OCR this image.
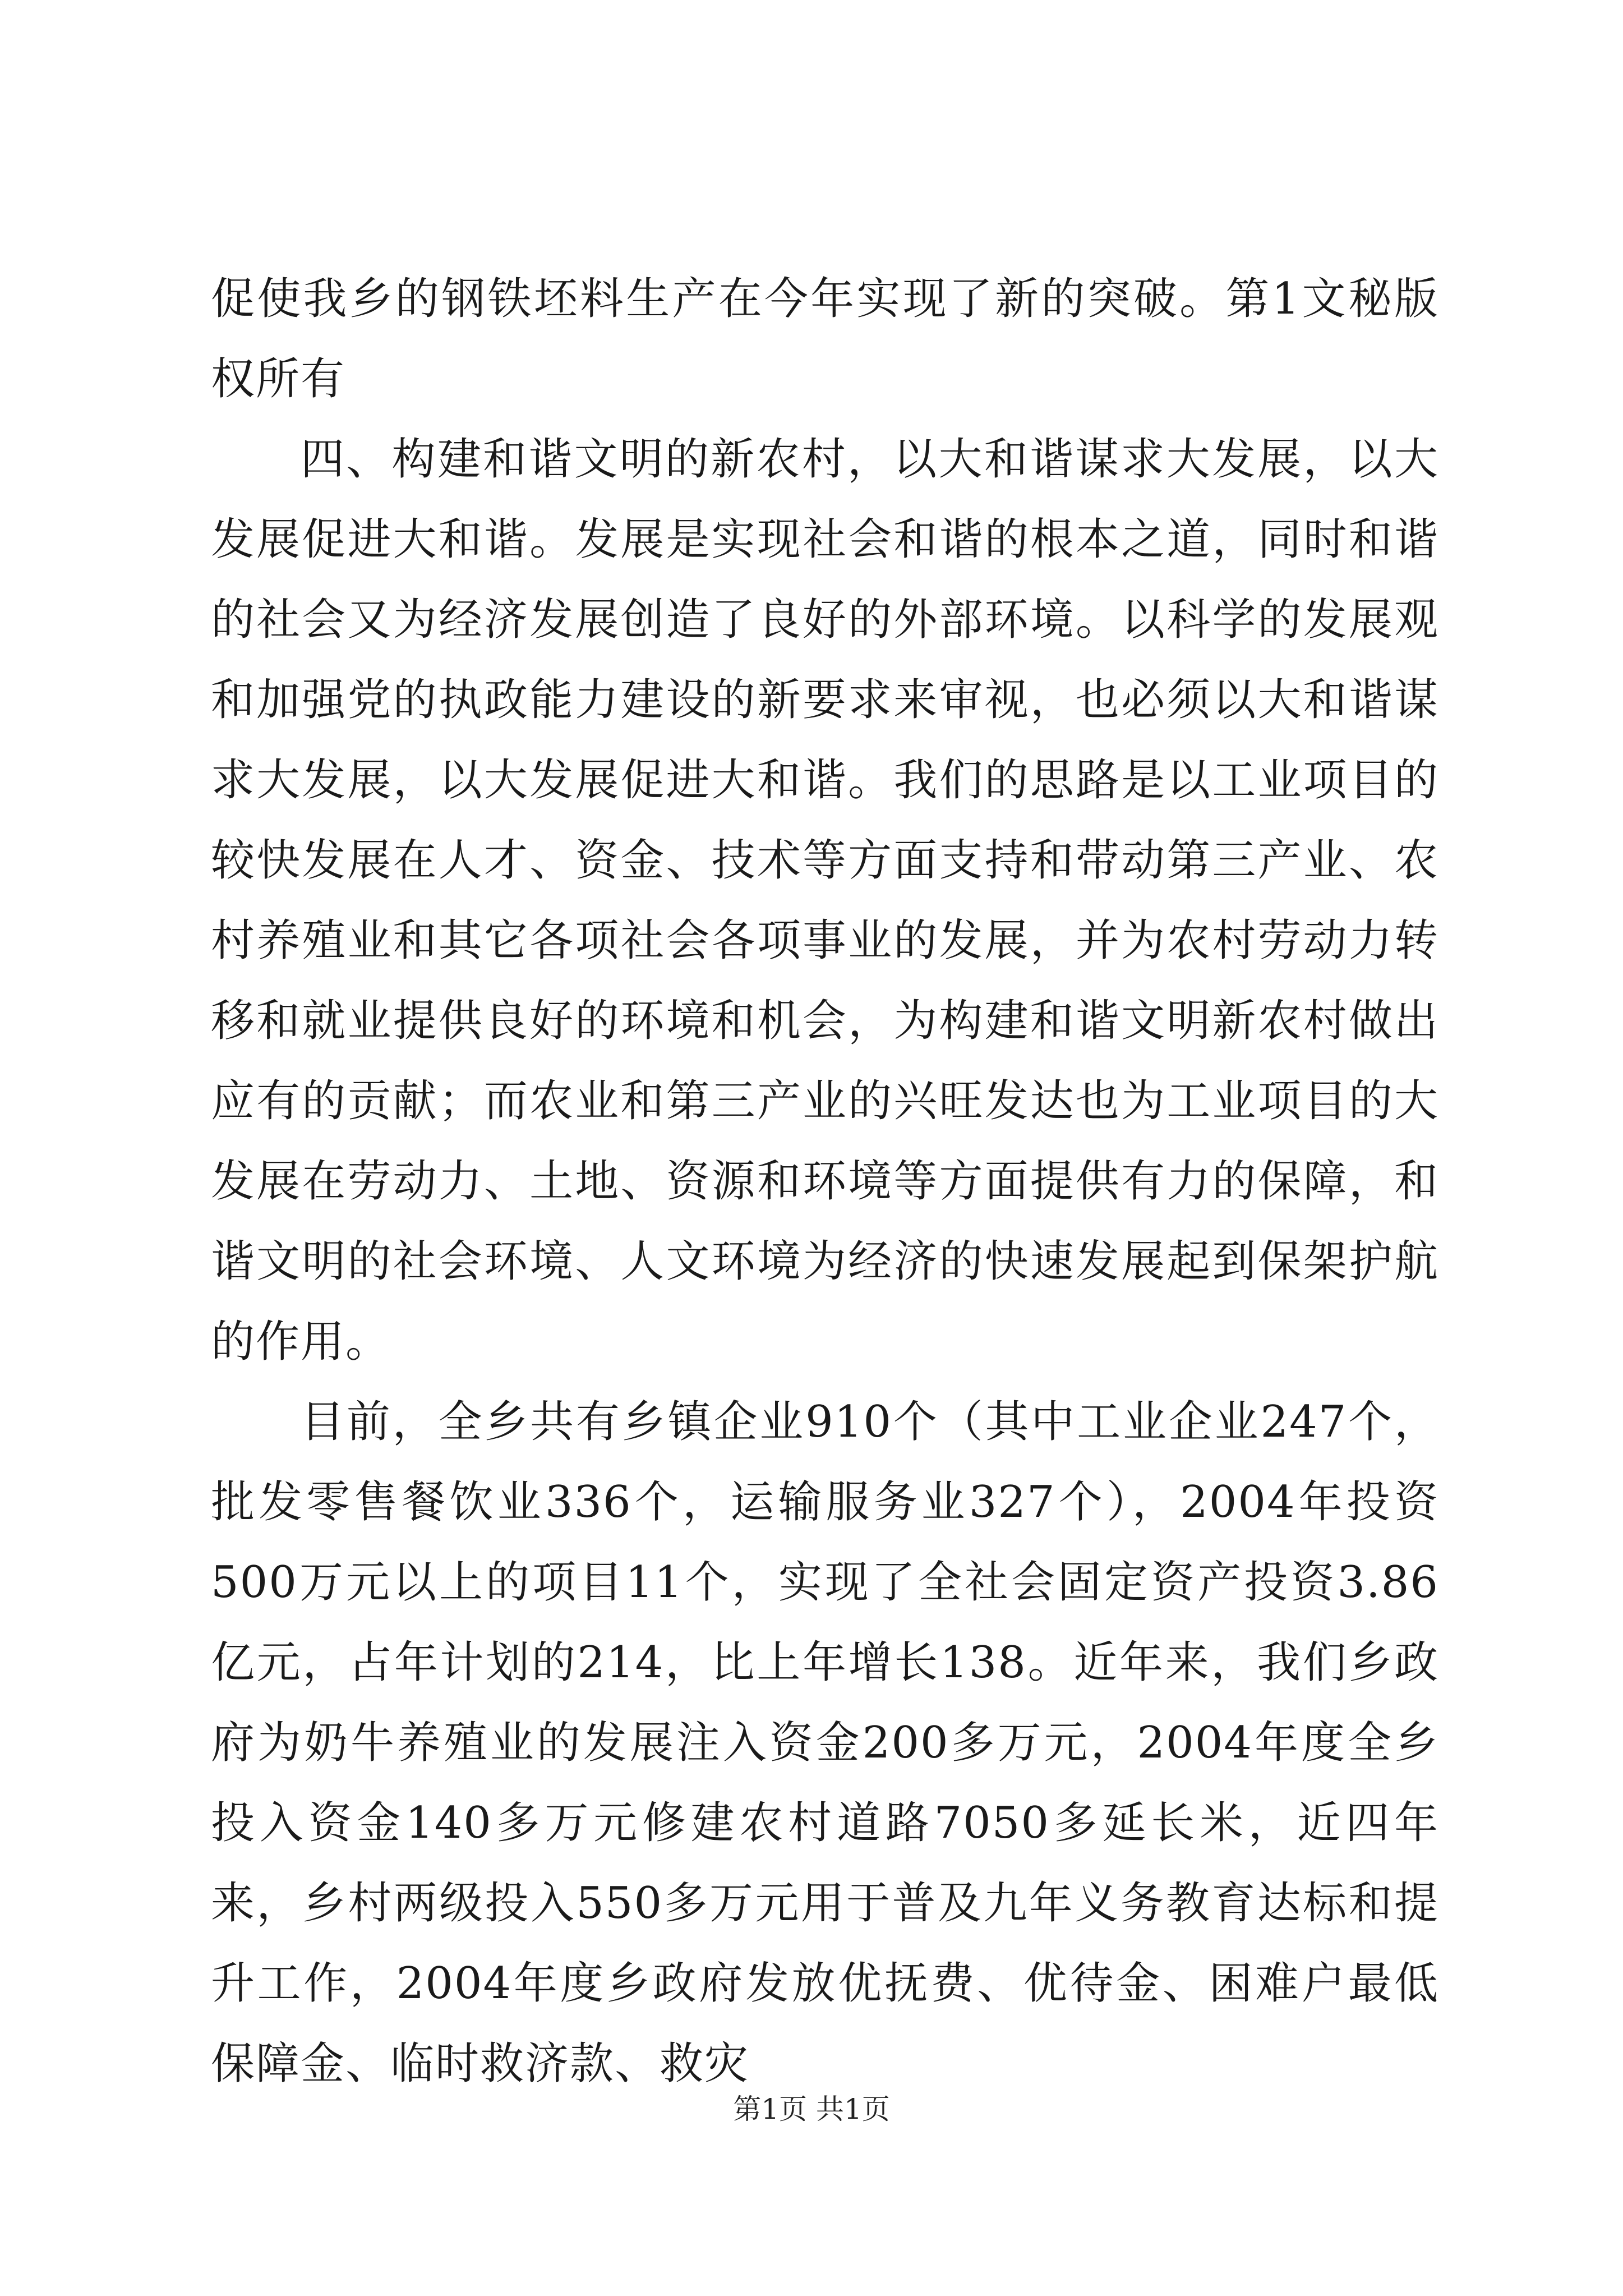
促使我乡的钢铁坯料生产在今年实现了新的突破。第1文秘版权所有

四、构建和谐文明的新农村，以大和谐谋求大发展，以大发展促进大和谐。发展是实现社会和谐的根本之道，同时和谐的社会又为经济发展创造了良好的外部环境。以科学的发展观和加强党的执政能力建设的新要求来审视，也必须以大和谐谋求大发展，以大发展促进大和谐。我们的思路是以工业项目的较快发展在人才、资金、技术等方面支持和带动第三产业、农村养殖业和其它各项社会各项事业的发展，并为农村劳动力转移和就业提供良好的环境和机会，为构建和谐文明新农村做出应有的贡献；而农业和第三产业的兴旺发达也为工业项目的大发展在劳动力、土地、资源和环境等方面提供有力的保障，和谐文明的社会环境、人文环境为经济的快速发展起到保架护航的作用。

目前，全乡共有乡镇企业910个（其中工业企业247个，批发零售餐饮业336个，运输服务业327个），2004年投资500万元以上的项目11个，实现了全社会固定资产投资3.86亿元，占年计划的214，比上年增长138。近年来，我们乡政府为奶牛养殖业的发展注入资金200多万元，2004年度全乡投入资金140多万元修建农村道路7050多延长米，近四年来，乡村两级投入550多万元用于普及九年义务教育达标和提升工作，2004年度乡政府发放优抚费、优待金、困难户最低保障金、临时救济款、救灾

第1页 共1页
